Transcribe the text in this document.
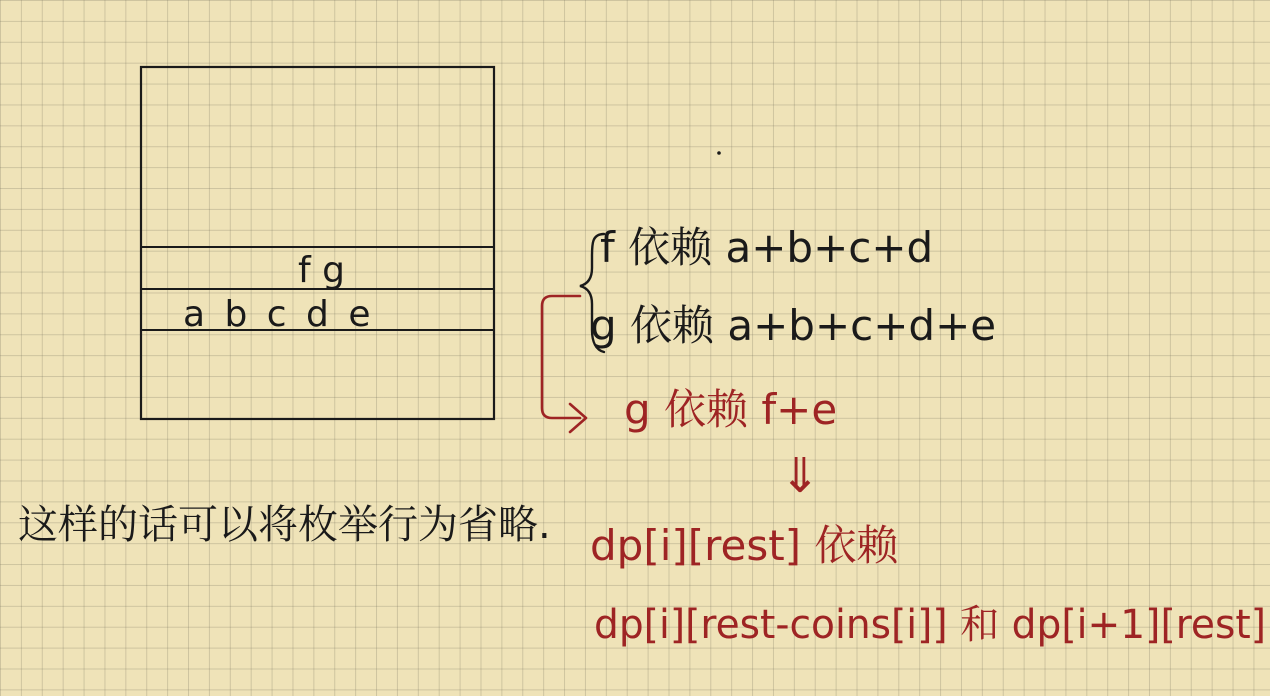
f g
a b c d e
这样的话可以将枚举行为省略.
f 依赖 a+b+c+d
g 依赖 a+b+c+d+e
g 依赖 f+e
⇓
dp[i][rest] 依赖
dp[i][rest-coins[i]] 和 dp[i+1][rest]
